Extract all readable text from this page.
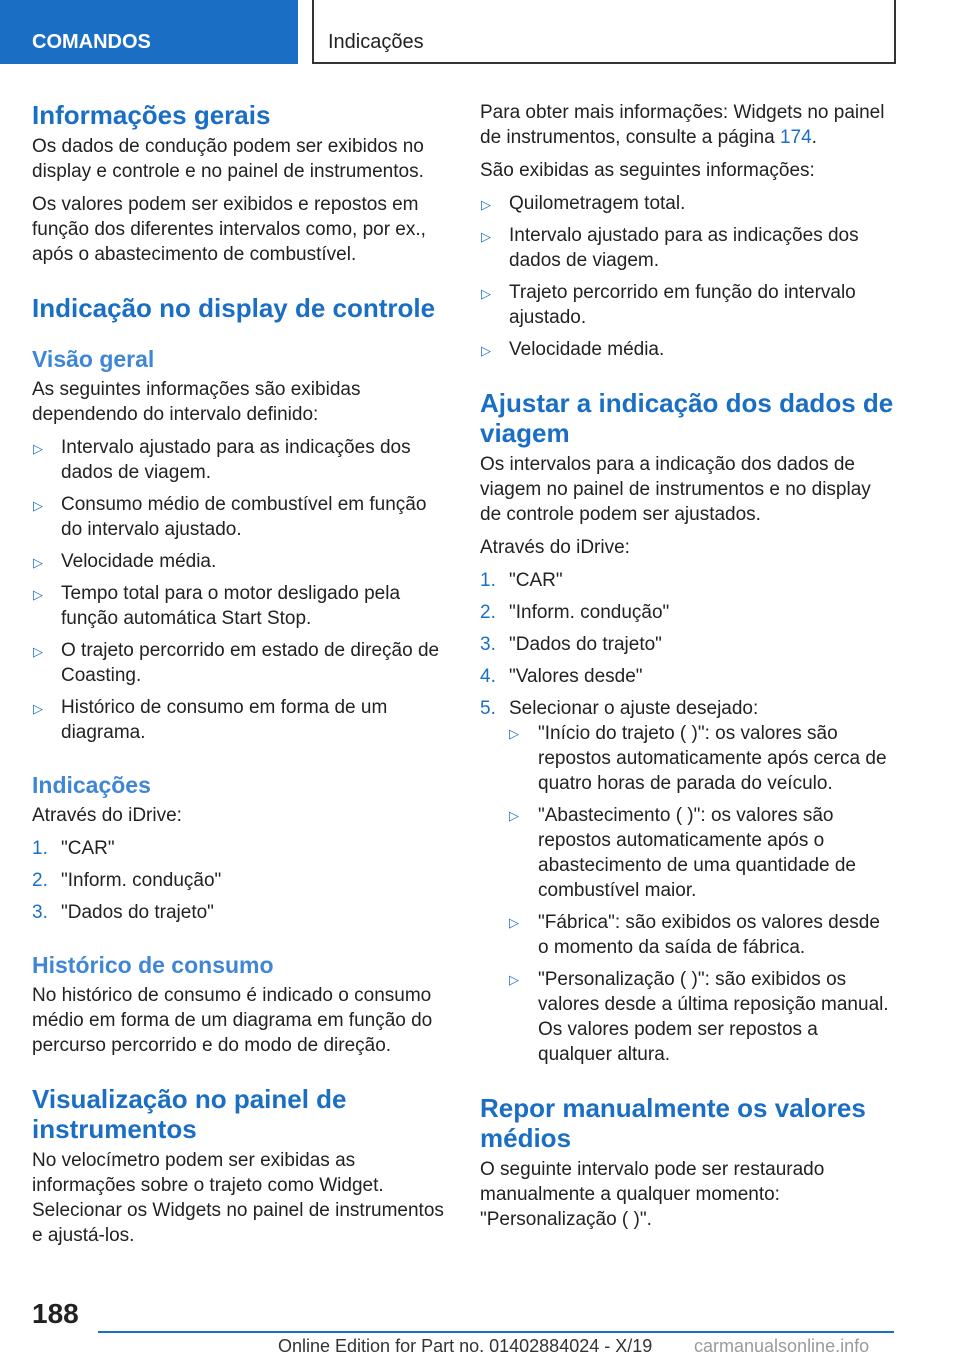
COMANDOS	Indicações
Informações gerais

Os dados de condução podem ser exibidos no display e controle e no painel de instrumentos.

Os valores podem ser exibidos e repostos em função dos diferentes intervalos como, por ex., após o abastecimento de combustível.

Indicação no display de controle
Visão geral

As seguintes informações são exibidas dependendo do intervalo definido:

▷ Intervalo ajustado para as indicações dos dados de viagem.
▷ Consumo médio de combustível em função do intervalo ajustado.
▷ Velocidade média.
▷ Tempo total para o motor desligado pela função automática Start Stop.
▷ O trajeto percorrido em estado de direção de Coasting.
▷ Histórico de consumo em forma de um diagrama.
Indicações

Através do iDrive:

1. "CAR"
2. "Inform. condução"
3. "Dados do trajeto"
Histórico de consumo

No histórico de consumo é indicado o consumo médio em forma de um diagrama em função do percurso percorrido e do modo de direção.

Visualização no painel de instrumentos

No velocímetro podem ser exibidas as informações sobre o trajeto como Widget. Selecionar os Widgets no painel de instrumentos e ajustá-los.

Para obter mais informações: Widgets no painel de instrumentos, consulte a página 174.

São exibidas as seguintes informações:

▷ Quilometragem total.
▷ Intervalo ajustado para as indicações dos dados de viagem.
▷ Trajeto percorrido em função do intervalo ajustado.
▷ Velocidade média.
Ajustar a indicação dos dados de viagem

Os intervalos para a indicação dos dados de viagem no painel de instrumentos e no display de controle podem ser ajustados.

Através do iDrive:

1. "CAR"
2. "Inform. condução"
3. "Dados do trajeto"
4. "Valores desde"
5. Selecionar o ajuste desejado:
▷ "Início do trajeto ( )": os valores são repostos automaticamente após cerca de quatro horas de parada do veículo.
▷ "Abastecimento ( )": os valores são repostos automaticamente após o abastecimento de uma quantidade de combustível maior.
▷ "Fábrica": são exibidos os valores desde o momento da saída de fábrica.
▷ "Personalização ( )": são exibidos os valores desde a última reposição manual. Os valores podem ser repostos a qualquer altura.
Repor manualmente os valores médios

O seguinte intervalo pode ser restaurado manualmente a qualquer momento: "Personalização ( )".

188
Online Edition for Part no. 01402884024 - X/19 carmanualsonline.info
